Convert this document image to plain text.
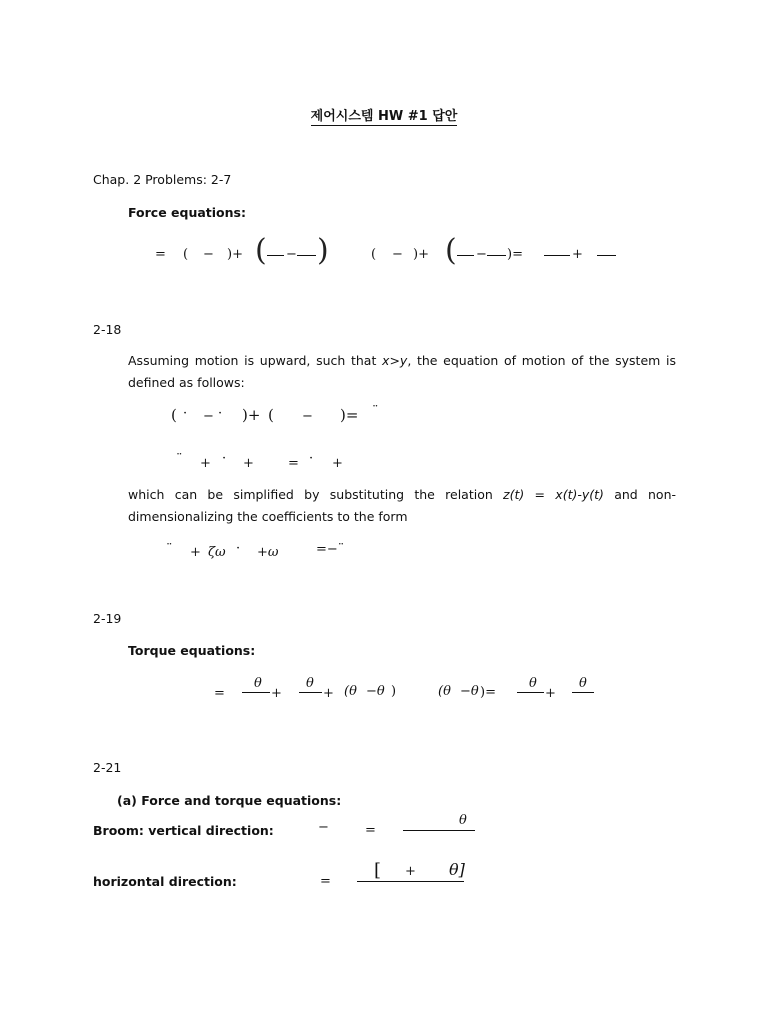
제어시스템 HW #1 답안
Chap. 2 Problems: 2-7
Force equations:
= ( − )+ ( − )	( − )+ ( − )=	+
2-18
Assuming motion is upward, such that x>y, the equation of motion of the system is defined as follows:
( · − · )+ ( − )= ¨
¨ + · +	= · +
which can be simplified by substituting the relation z(t) = x(t)-y(t) and non-dimensionalizing the coefficients to the form
¨ + ζω · +ω	=−¨
2-19
Torque equations:
=
θ
+
θ
+ (θ −θ )	(θ −θ )=
θ
+
θ
2-21
(a) Force and torque equations:
Broom: vertical direction:	−	=
θ
horizontal direction:	=
[ + θ]
